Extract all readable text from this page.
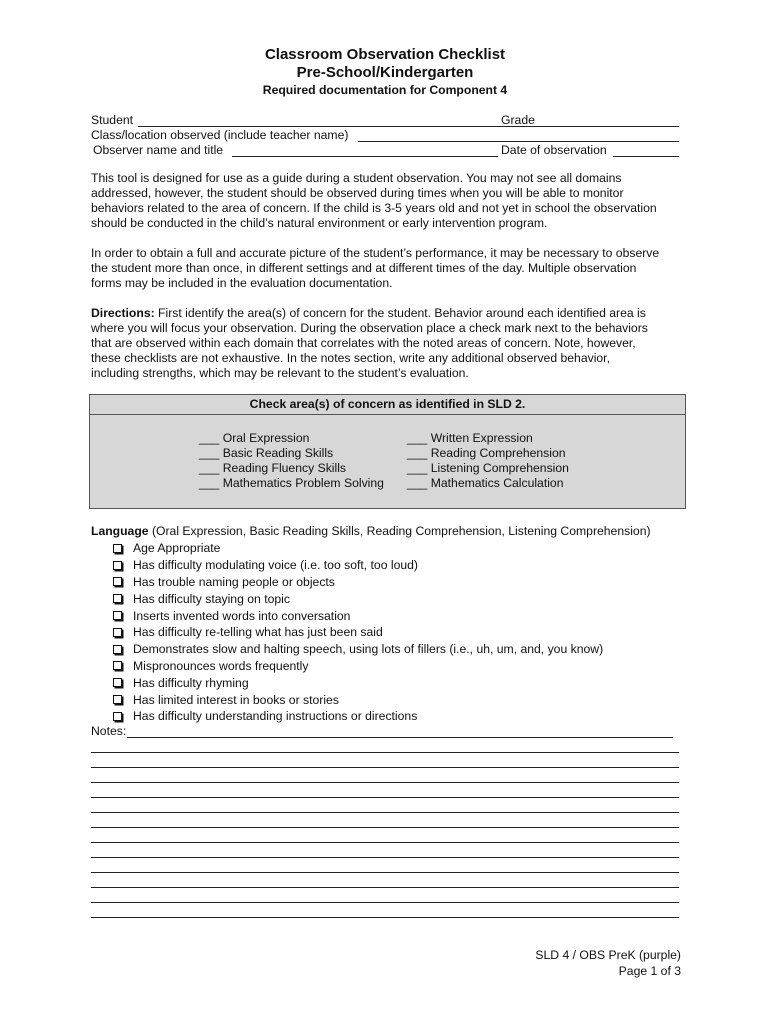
Classroom Observation Checklist
Pre-School/Kindergarten
Required documentation for Component 4
Student	Grade
Class/location observed (include teacher name)
Observer name and title	Date of observation
This tool is designed for use as a guide during a student observation. You may not see all domains
addressed, however, the student should be observed during times when you will be able to monitor
behaviors related to the area of concern. If the child is 3-5 years old and not yet in school the observation
should be conducted in the child’s natural environment or early intervention program.
In order to obtain a full and accurate picture of the student’s performance, it may be necessary to observe
the student more than once, in different settings and at different times of the day. Multiple observation
forms may be included in the evaluation documentation.
Directions: First identify the area(s) of concern for the student. Behavior around each identified area is
where you will focus your observation. During the observation place a check mark next to the behaviors
that are observed within each domain that correlates with the noted areas of concern. Note, however,
these checklists are not exhaustive. In the notes section, write any additional observed behavior,
including strengths, which may be relevant to the student’s evaluation.
Check area(s) of concern as identified in SLD 2.
___ Oral Expression
___ Basic Reading Skills
___ Reading Fluency Skills
___ Mathematics Problem Solving
___ Written Expression
___ Reading Comprehension
___ Listening Comprehension
___ Mathematics Calculation
Language (Oral Expression, Basic Reading Skills, Reading Comprehension, Listening Comprehension)
Age Appropriate
Has difficulty modulating voice (i.e. too soft, too loud)
Has trouble naming people or objects
Has difficulty staying on topic
Inserts invented words into conversation
Has difficulty re-telling what has just been said
Demonstrates slow and halting speech, using lots of fillers (i.e., uh, um, and, you know)
Mispronounces words frequently
Has difficulty rhyming
Has limited interest in books or stories
Has difficulty understanding instructions or directions
Notes:
SLD 4 / OBS PreK (purple)
Page 1 of 3
